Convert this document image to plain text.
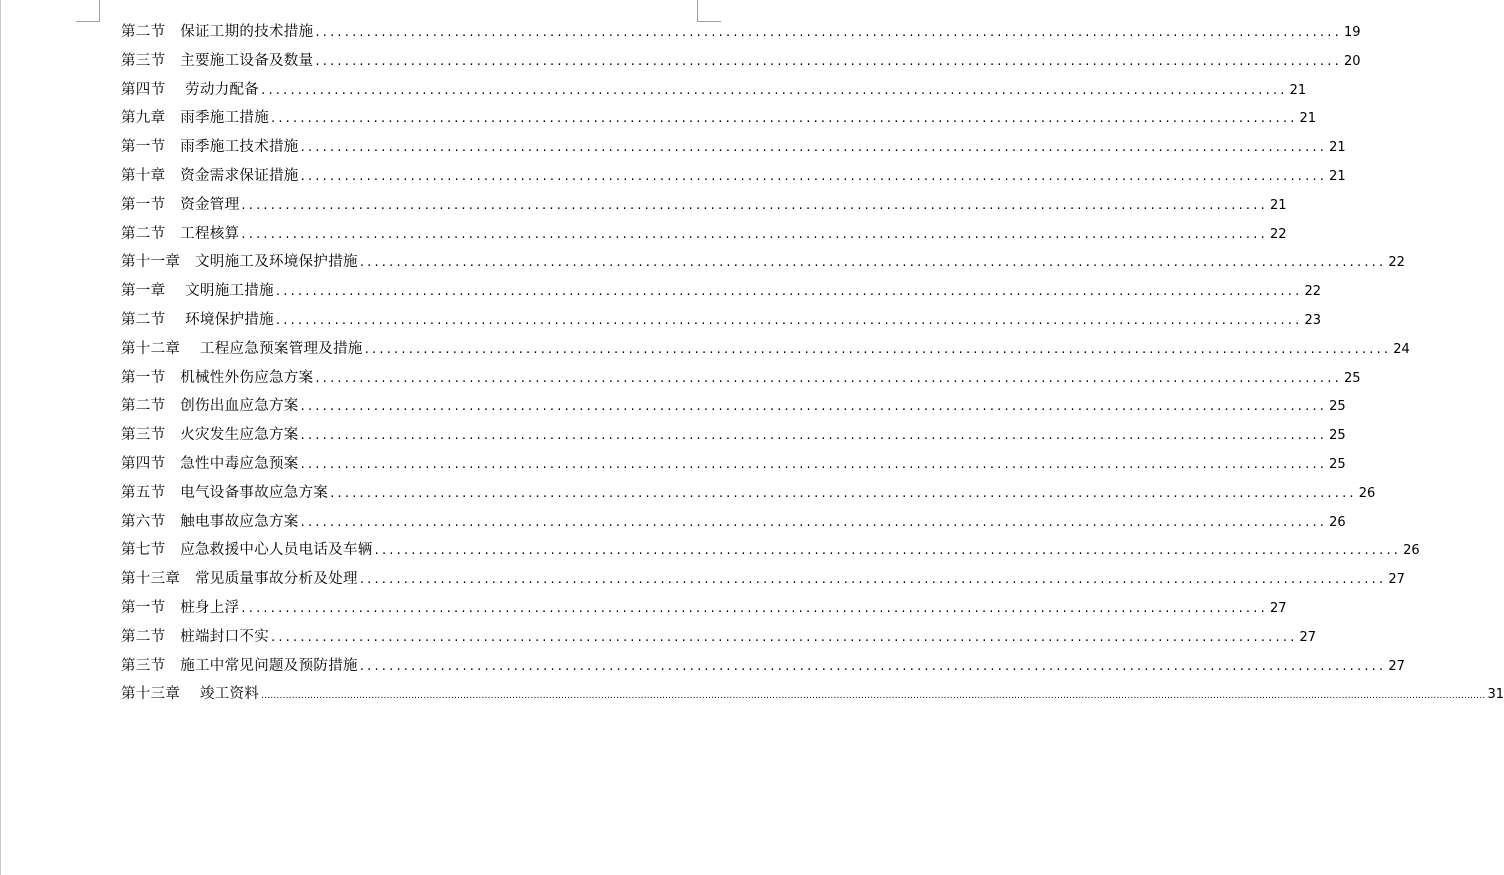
第二节　保证工期的技术措施 ............................................................................................................................................ 19
第三节　主要施工设备及数量 ............................................................................................................................................ 20
第四节　 劳动力配备 ............................................................................................................................................ 21
第九章　雨季施工措施 ............................................................................................................................................ 21
第一节　雨季施工技术措施 ............................................................................................................................................ 21
第十章　资金需求保证措施 ............................................................................................................................................ 21
第一节　资金管理 ............................................................................................................................................ 21
第二节　工程核算 ............................................................................................................................................ 22
第十一章　文明施工及环境保护措施 ............................................................................................................................................ 22
第一章　 文明施工措施 ............................................................................................................................................ 22
第二节　 环境保护措施 ............................................................................................................................................ 23
第十二章　 工程应急预案管理及措施 ............................................................................................................................................ 24
第一节　机械性外伤应急方案 ............................................................................................................................................ 25
第二节　创伤出血应急方案 ............................................................................................................................................ 25
第三节　火灾发生应急方案 ............................................................................................................................................ 25
第四节　急性中毒应急预案 ............................................................................................................................................ 25
第五节　电气设备事故应急方案 ............................................................................................................................................ 26
第六节　触电事故应急方案 ............................................................................................................................................ 26
第七节　应急救援中心人员电话及车辆 ............................................................................................................................................ 26
第十三章　常见质量事故分析及处理 ............................................................................................................................................ 27
第一节　桩身上浮 ............................................................................................................................................ 27
第二节　桩端封口不实 ............................................................................................................................................ 27
第三节　施工中常见问题及预防措施 ............................................................................................................................................ 27
第十三章　 竣工资料 ................................................................................................................................................................................................................................................................................................................................................................................................................ 31
